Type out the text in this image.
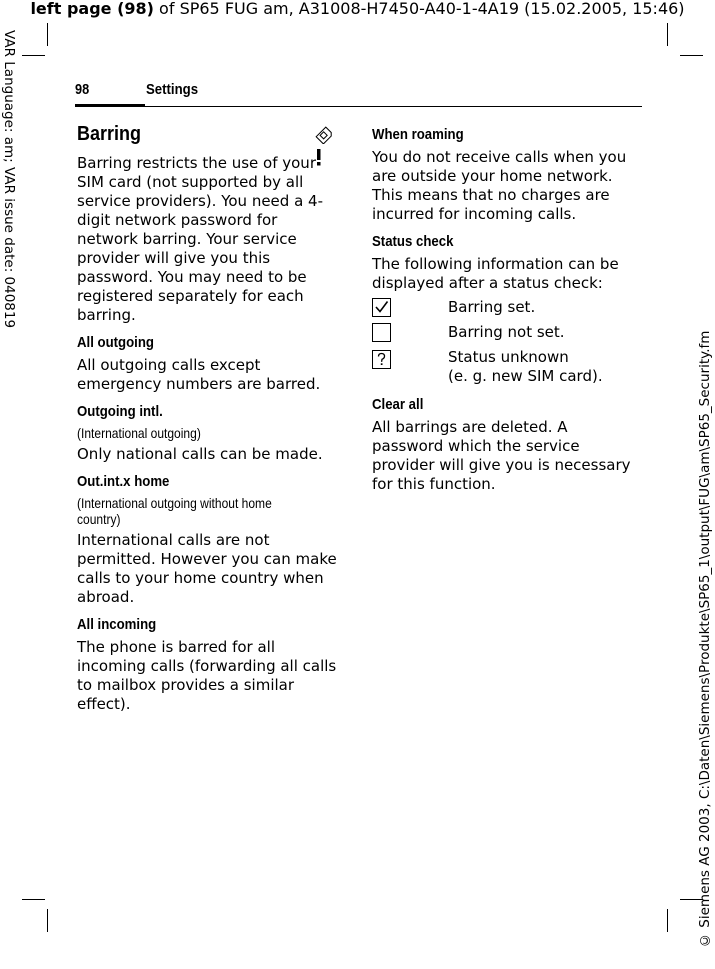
left page (98) of SP65 FUG am, A31008-H7450-A40-1-4A19 (15.02.2005, 15:46)
VAR Language: am; VAR issue date: 040819
© Siemens AG 2003, C:\Daten\Siemens\Produkte\SP65_1\output\FUG\am\SP65_Security.fm
98	Settings
Barring

Barring restricts the use of your SIM card (not supported by all service providers). You need a 4-digit network password for network barring. Your service provider will give you this password. You may need to be registered separately for each barring.

All outgoing

All outgoing calls except emergency numbers are barred.

Outgoing intl.

(International outgoing)

Only national calls can be made.

Out.int.x home

(International outgoing without home country)

International calls are not permitted. However you can make calls to your home country when abroad.

All incoming

The phone is barred for all incoming calls (forwarding all calls to mailbox provides a similar effect).

When roaming

You do not receive calls when you are outside your home network. This means that no charges are incurred for incoming calls.

Status check

The following information can be displayed after a status check:

Barring set.
Barring not set.
Status unknown
(e. g. new SIM card).
Clear all

All barrings are deleted. A password which the service provider will give you is necessary for this function.
